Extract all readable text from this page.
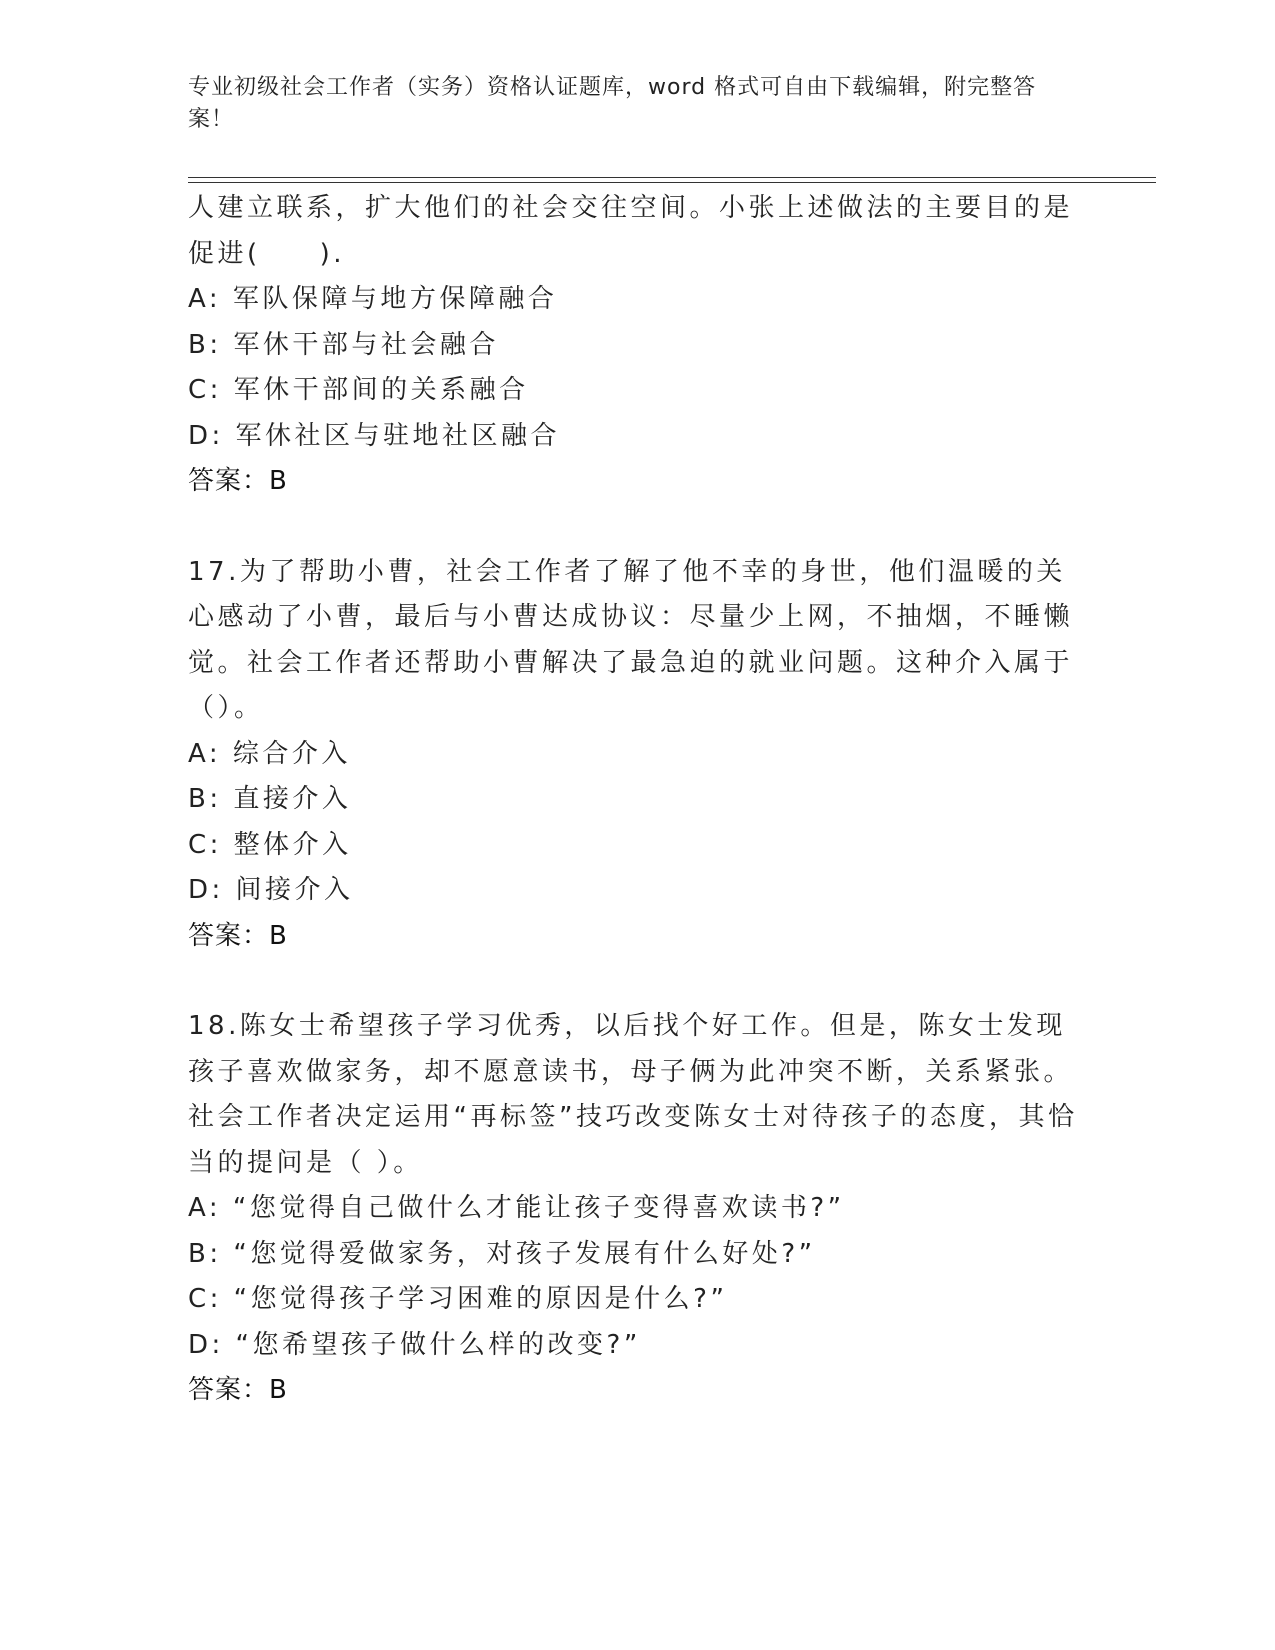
专业初级社会工作者（实务）资格认证题库，word 格式可自由下载编辑，附完整答案！
人建立联系，扩大他们的社会交往空间。小张上述做法的主要目的是促进(　　).
A: 军队保障与地方保障融合
B: 军休干部与社会融合
C: 军休干部间的关系融合
D: 军休社区与驻地社区融合
答案：B
17.为了帮助小曹，社会工作者了解了他不幸的身世，他们温暖的关心感动了小曹，最后与小曹达成协议：尽量少上网，不抽烟，不睡懒觉。社会工作者还帮助小曹解决了最急迫的就业问题。这种介入属于（）。
A: 综合介入
B: 直接介入
C: 整体介入
D: 间接介入
答案：B
18.陈女士希望孩子学习优秀，以后找个好工作。但是，陈女士发现孩子喜欢做家务，却不愿意读书，母子俩为此冲突不断，关系紧张。社会工作者决定运用“再标签”技巧改变陈女士对待孩子的态度，其恰当的提问是（ ）。
A: “您觉得自己做什么才能让孩子变得喜欢读书?”
B: “您觉得爱做家务，对孩子发展有什么好处?”
C: “您觉得孩子学习困难的原因是什么?”
D: “您希望孩子做什么样的改变?”
答案：B
